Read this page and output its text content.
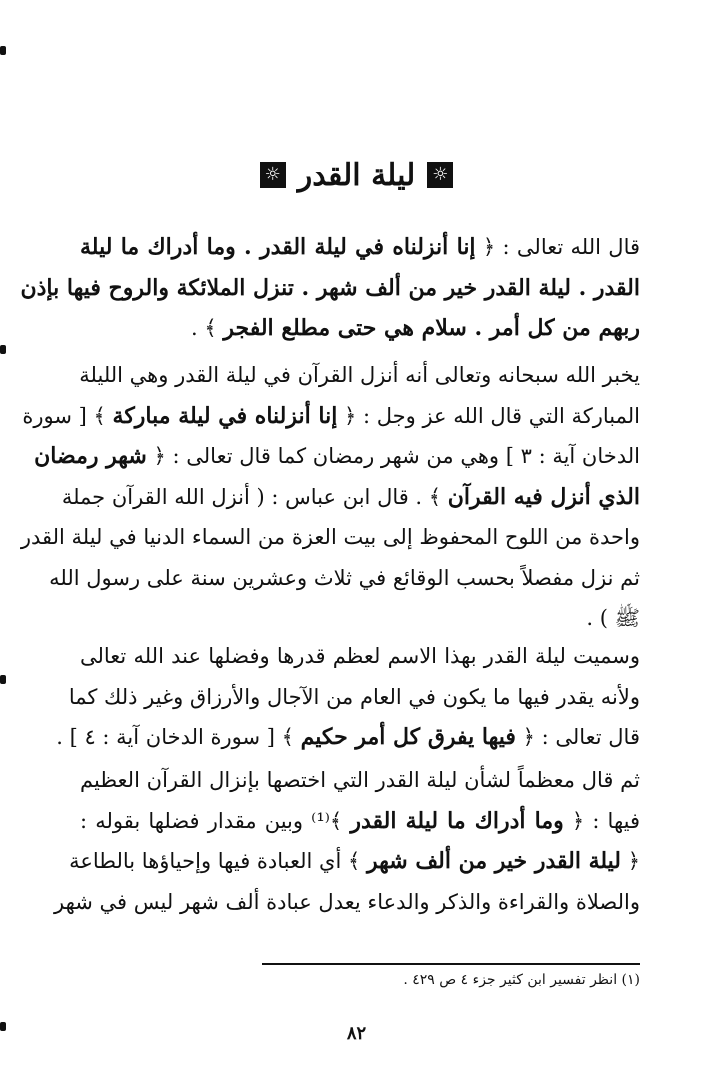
☼
ليلة القدر
☼
قال الله تعالى : ﴿ إنا أنزلناه في ليلة القدر . وما أدراك ما ليلة
القدر . ليلة القدر خير من ألف شهر . تنزل الملائكة والروح فيها بإذن
ربهم من كل أمر . سلام هي حتى مطلع الفجر ﴾ .
يخبر الله سبحانه وتعالى أنه أنزل القرآن في ليلة القدر وهي الليلة
المباركة التي قال الله عز وجل : ﴿ إنا أنزلناه في ليلة مباركة ﴾ [ سورة
الدخان آية : ٣ ] وهي من شهر رمضان كما قال تعالى : ﴿ شهر رمضان
الذي أنزل فيه القرآن ﴾ . قال ابن عباس : ( أنزل الله القرآن جملة
واحدة من اللوح المحفوظ إلى بيت العزة من السماء الدنيا في ليلة القدر
ثم نزل مفصلاً بحسب الوقائع في ثلاث وعشرين سنة على رسول الله
ﷺ ) .
وسميت ليلة القدر بهذا الاسم لعظم قدرها وفضلها عند الله تعالى
ولأنه يقدر فيها ما يكون في العام من الآجال والأرزاق وغير ذلك كما
قال تعالى : ﴿ فيها يفرق كل أمر حكيم ﴾ [ سورة الدخان آية : ٤ ] .
ثم قال معظماً لشأن ليلة القدر التي اختصها بإنزال القرآن العظيم
فيها : ﴿ وما أدراك ما ليلة القدر ﴾⁽¹⁾ وبين مقدار فضلها بقوله :
﴿ ليلة القدر خير من ألف شهر ﴾ أي العبادة فيها وإحياؤها بالطاعة
والصلاة والقراءة والذكر والدعاء يعدل عبادة ألف شهر ليس في شهر
(١) انظر تفسير ابن كثير جزء ٤ ص ٤٢٩ .
٨٢
